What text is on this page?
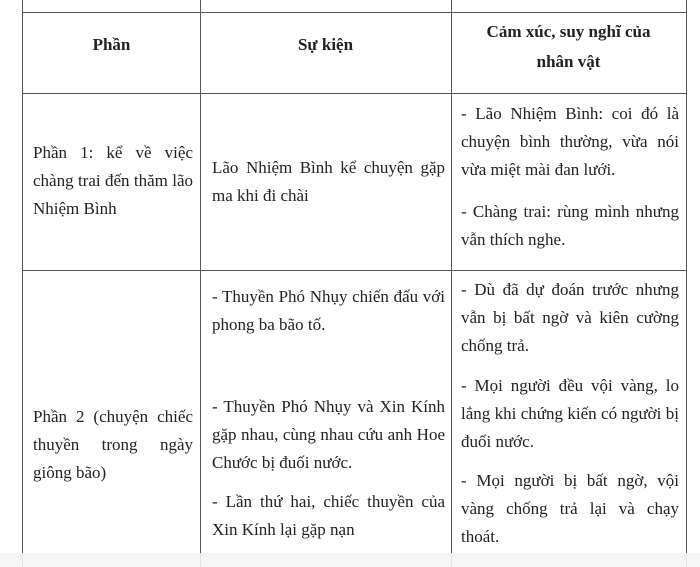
Phần	Sự kiện
Cảm xúc, suy nghĩ của
nhân vật
Phần 1: kể về việc chàng trai đến thăm lão Nhiệm Bình
Lão Nhiệm Bình kể chuyện gặp ma khi đi chài
- Lão Nhiệm Bình: coi đó là chuyện bình thường, vừa nói vừa miệt mài đan lưới.
- Chàng trai: rùng mình nhưng vẫn thích nghe.
Phần 2 (chuyện chiếc thuyền trong ngày giông bão)
- Thuyền Phó Nhụy chiến đấu với phong ba bão tố.
- Thuyền Phó Nhụy và Xin Kính gặp nhau, cùng nhau cứu anh Hoe Chước bị đuối nước.
- Lần thứ hai, chiếc thuyền của Xin Kính lại gặp nạn
- Dù đã dự đoán trước nhưng vẫn bị bất ngờ và kiên cường chống trả.
- Mọi người đều vội vàng, lo lắng khi chứng kiến có người bị đuối nước.
- Mọi người bị bất ngờ, vội vàng chống trả lại và chạy thoát.
